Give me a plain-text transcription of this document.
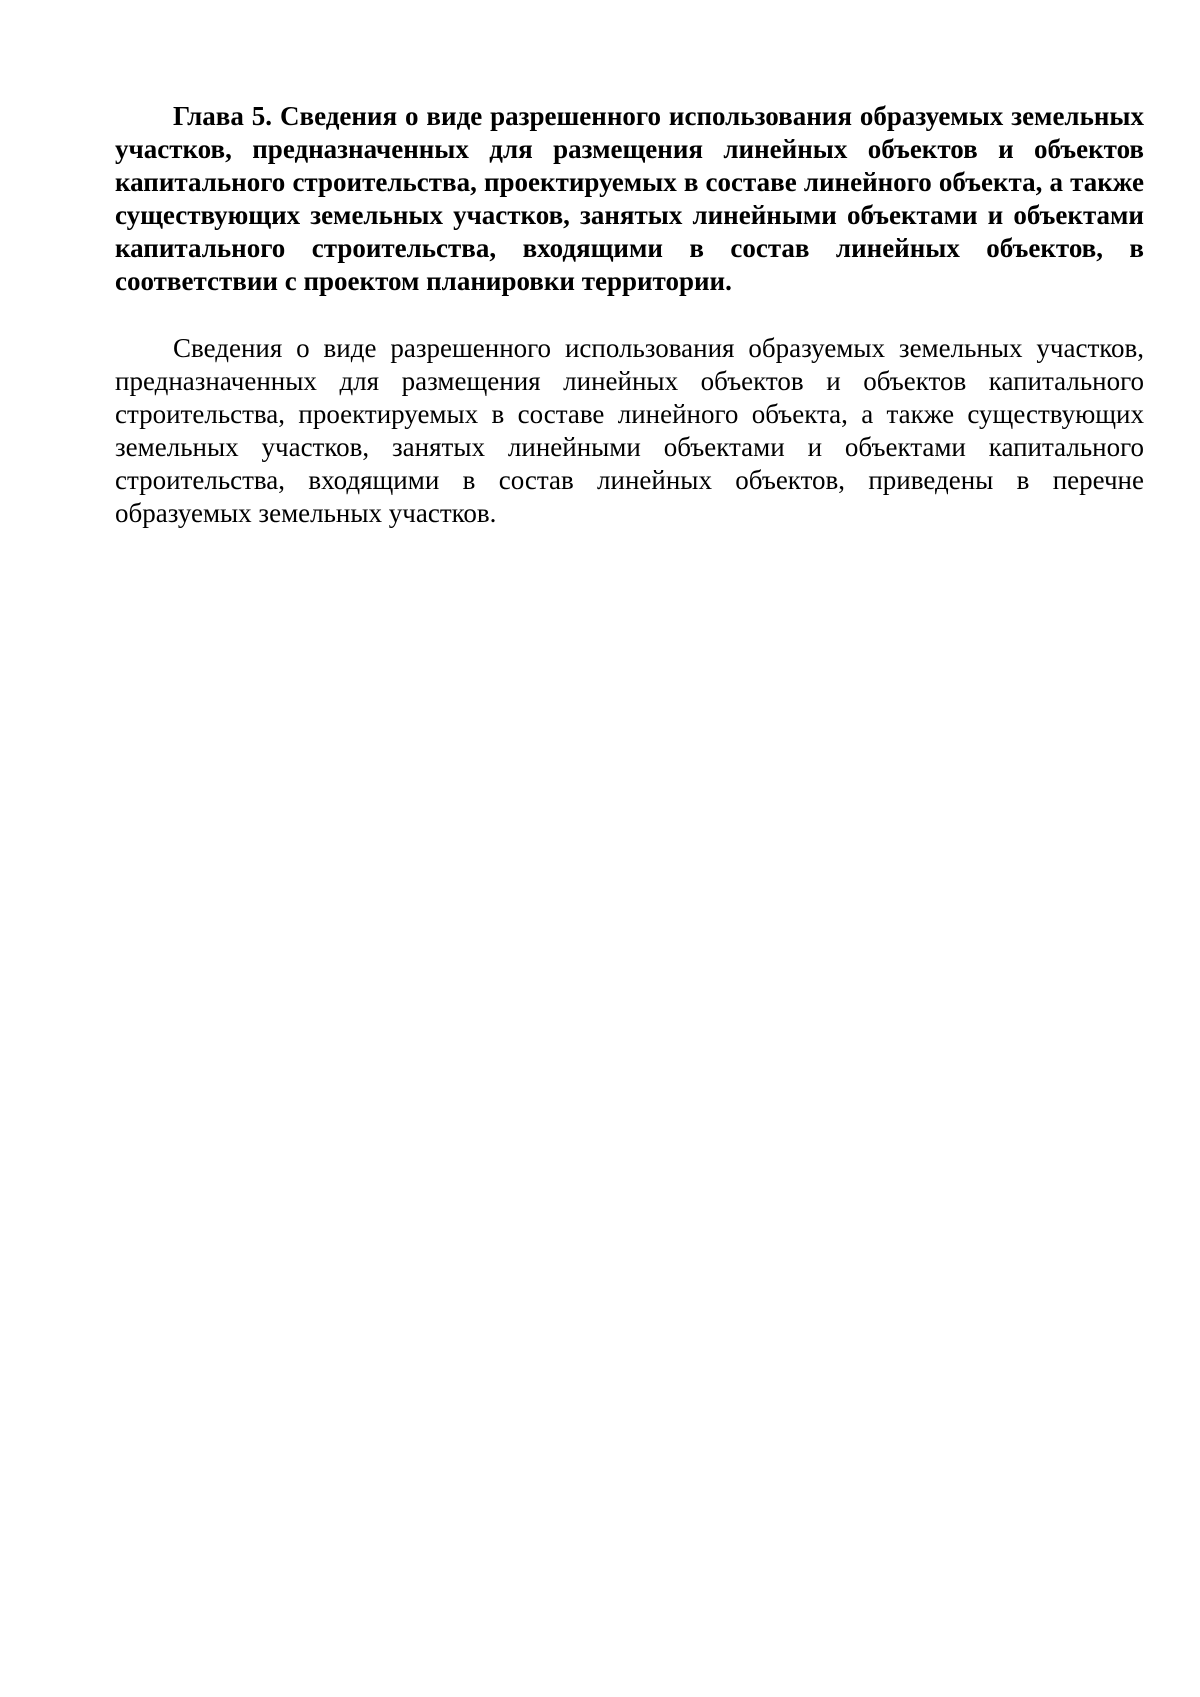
Глава 5. Сведения о виде разрешенного использования образуемых земельных участков, предназначенных для размещения линейных объектов и объектов капитального строительства, проектируемых в составе линейного объекта, а также существующих земельных участков, занятых линейными объектами и объектами капитального строительства, входящими в состав линейных объектов, в соответствии с проектом планировки территории.

Сведения о виде разрешенного использования образуемых земельных участков, предназначенных для размещения линейных объектов и объектов капитального строительства, проектируемых в составе линейного объекта, а также существующих земельных участков, занятых линейными объектами и объектами капитального строительства, входящими в состав линейных объектов, приведены в перечне образуемых земельных участков.
